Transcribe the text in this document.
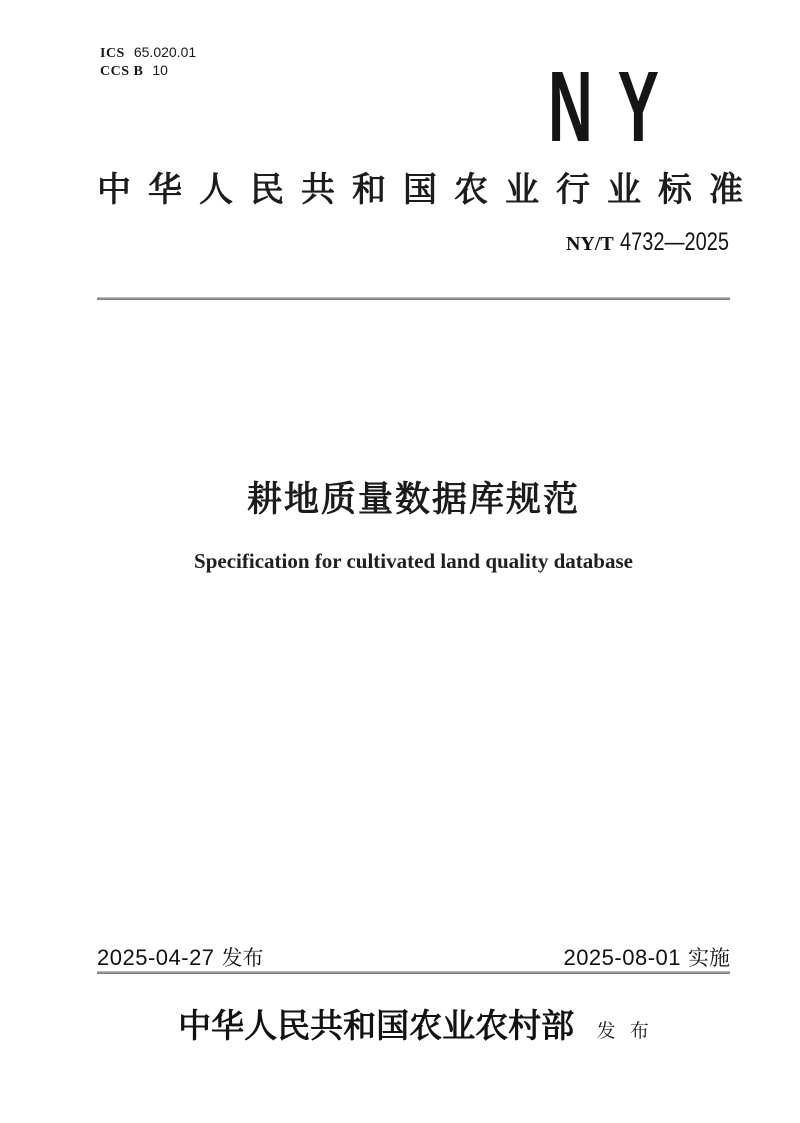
ICS 65.020.01
CCS B 10	NY
中华人民共和国农业行业标准
NY/T 4732—2025
耕地质量数据库规范
Specification for cultivated land quality database
2025-04-27 发布	2025-08-01 实施
中华人民共和国农业农村部 发 布
